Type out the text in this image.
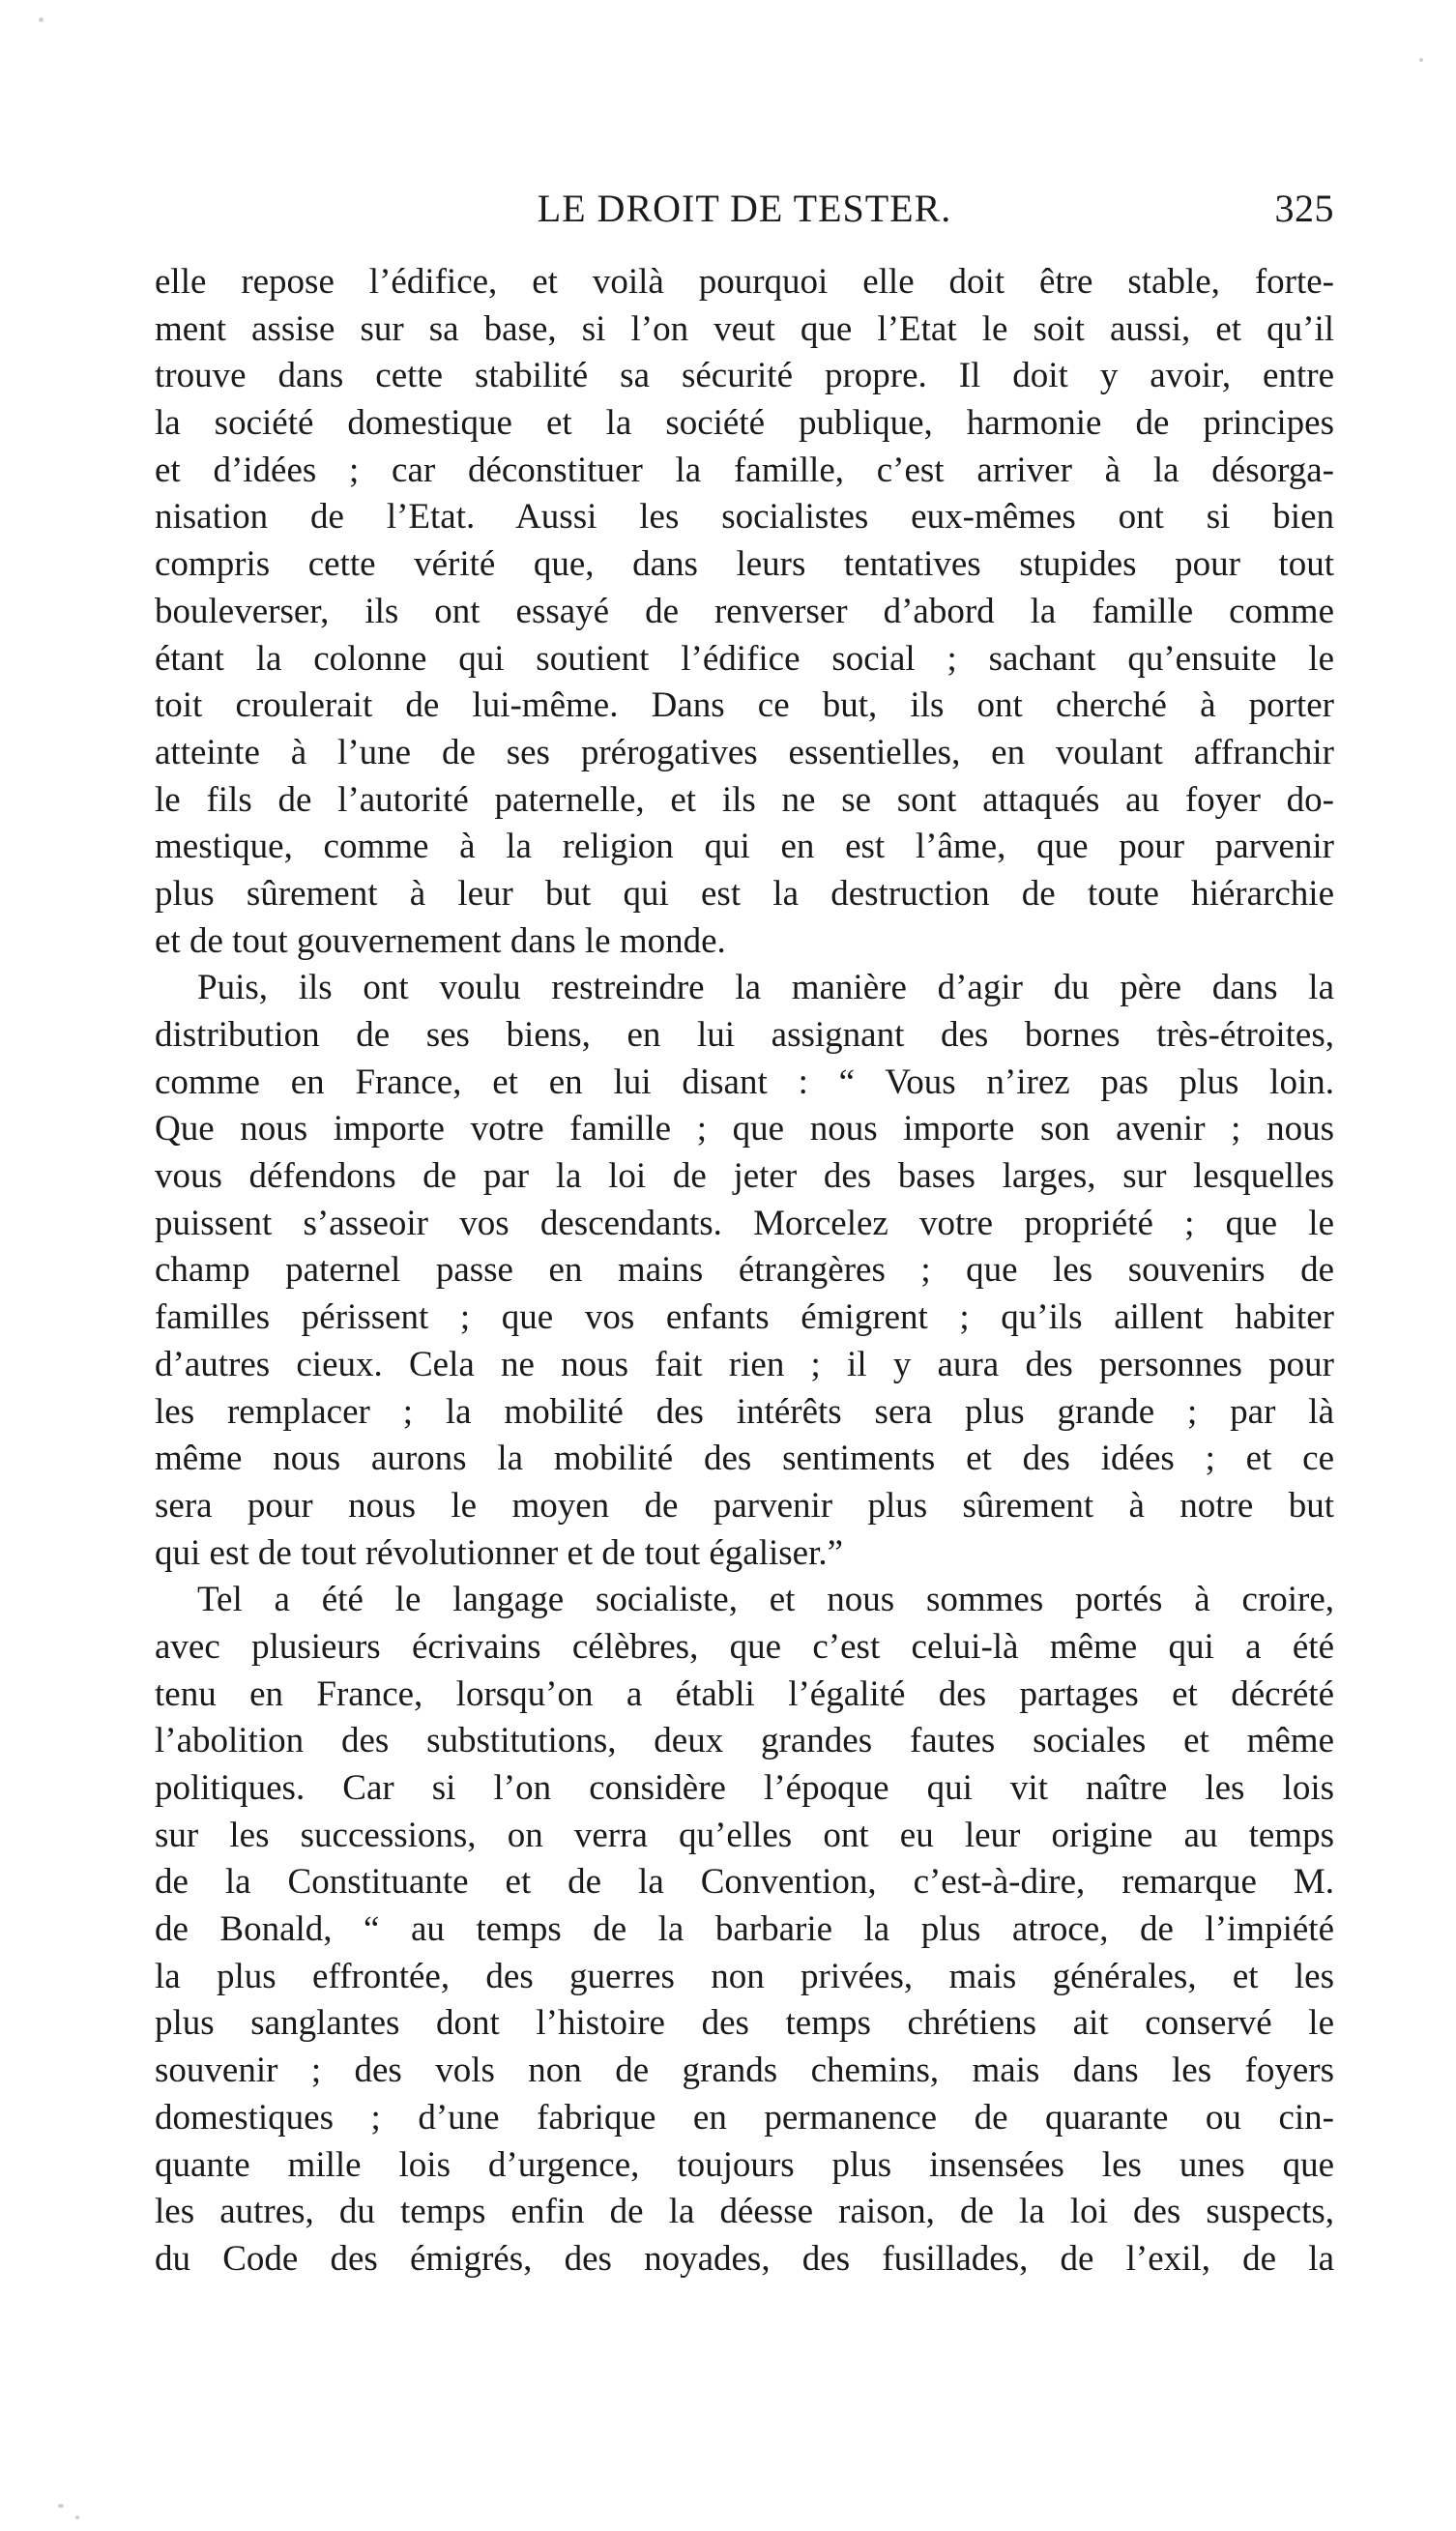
LE DROIT DE TESTER.	325
elle repose l’édifice, et voilà pourquoi elle doit être stable, forte-
ment assise sur sa base, si l’on veut que l’Etat le soit aussi, et qu’il
trouve dans cette stabilité sa sécurité propre. Il doit y avoir, entre
la société domestique et la société publique, harmonie de principes
et d’idées ; car déconstituer la famille, c’est arriver à la désorga-
nisation de l’Etat. Aussi les socialistes eux-mêmes ont si bien
compris cette vérité que, dans leurs tentatives stupides pour tout
bouleverser, ils ont essayé de renverser d’abord la famille comme
étant la colonne qui soutient l’édifice social ; sachant qu’ensuite le
toit croulerait de lui-même. Dans ce but, ils ont cherché à porter
atteinte à l’une de ses prérogatives essentielles, en voulant affranchir
le fils de l’autorité paternelle, et ils ne se sont attaqués au foyer do-
mestique, comme à la religion qui en est l’âme, que pour parvenir
plus sûrement à leur but qui est la destruction de toute hiérarchie
et de tout gouvernement dans le monde.
Puis, ils ont voulu restreindre la manière d’agir du père dans la
distribution de ses biens, en lui assignant des bornes très-étroites,
comme en France, et en lui disant : “ Vous n’irez pas plus loin.
Que nous importe votre famille ; que nous importe son avenir ; nous
vous défendons de par la loi de jeter des bases larges, sur lesquelles
puissent s’asseoir vos descendants. Morcelez votre propriété ; que le
champ paternel passe en mains étrangères ; que les souvenirs de
familles périssent ; que vos enfants émigrent ; qu’ils aillent habiter
d’autres cieux. Cela ne nous fait rien ; il y aura des personnes pour
les remplacer ; la mobilité des intérêts sera plus grande ; par là
même nous aurons la mobilité des sentiments et des idées ; et ce
sera pour nous le moyen de parvenir plus sûrement à notre but
qui est de tout révolutionner et de tout égaliser.”
Tel a été le langage socialiste, et nous sommes portés à croire,
avec plusieurs écrivains célèbres, que c’est celui-là même qui a été
tenu en France, lorsqu’on a établi l’égalité des partages et décrété
l’abolition des substitutions, deux grandes fautes sociales et même
politiques. Car si l’on considère l’époque qui vit naître les lois
sur les successions, on verra qu’elles ont eu leur origine au temps
de la Constituante et de la Convention, c’est-à-dire, remarque M.
de Bonald, “ au temps de la barbarie la plus atroce, de l’impiété
la plus effrontée, des guerres non privées, mais générales, et les
plus sanglantes dont l’histoire des temps chrétiens ait conservé le
souvenir ; des vols non de grands chemins, mais dans les foyers
domestiques ; d’une fabrique en permanence de quarante ou cin-
quante mille lois d’urgence, toujours plus insensées les unes que
les autres, du temps enfin de la déesse raison, de la loi des suspects,
du Code des émigrés, des noyades, des fusillades, de l’exil, de la
